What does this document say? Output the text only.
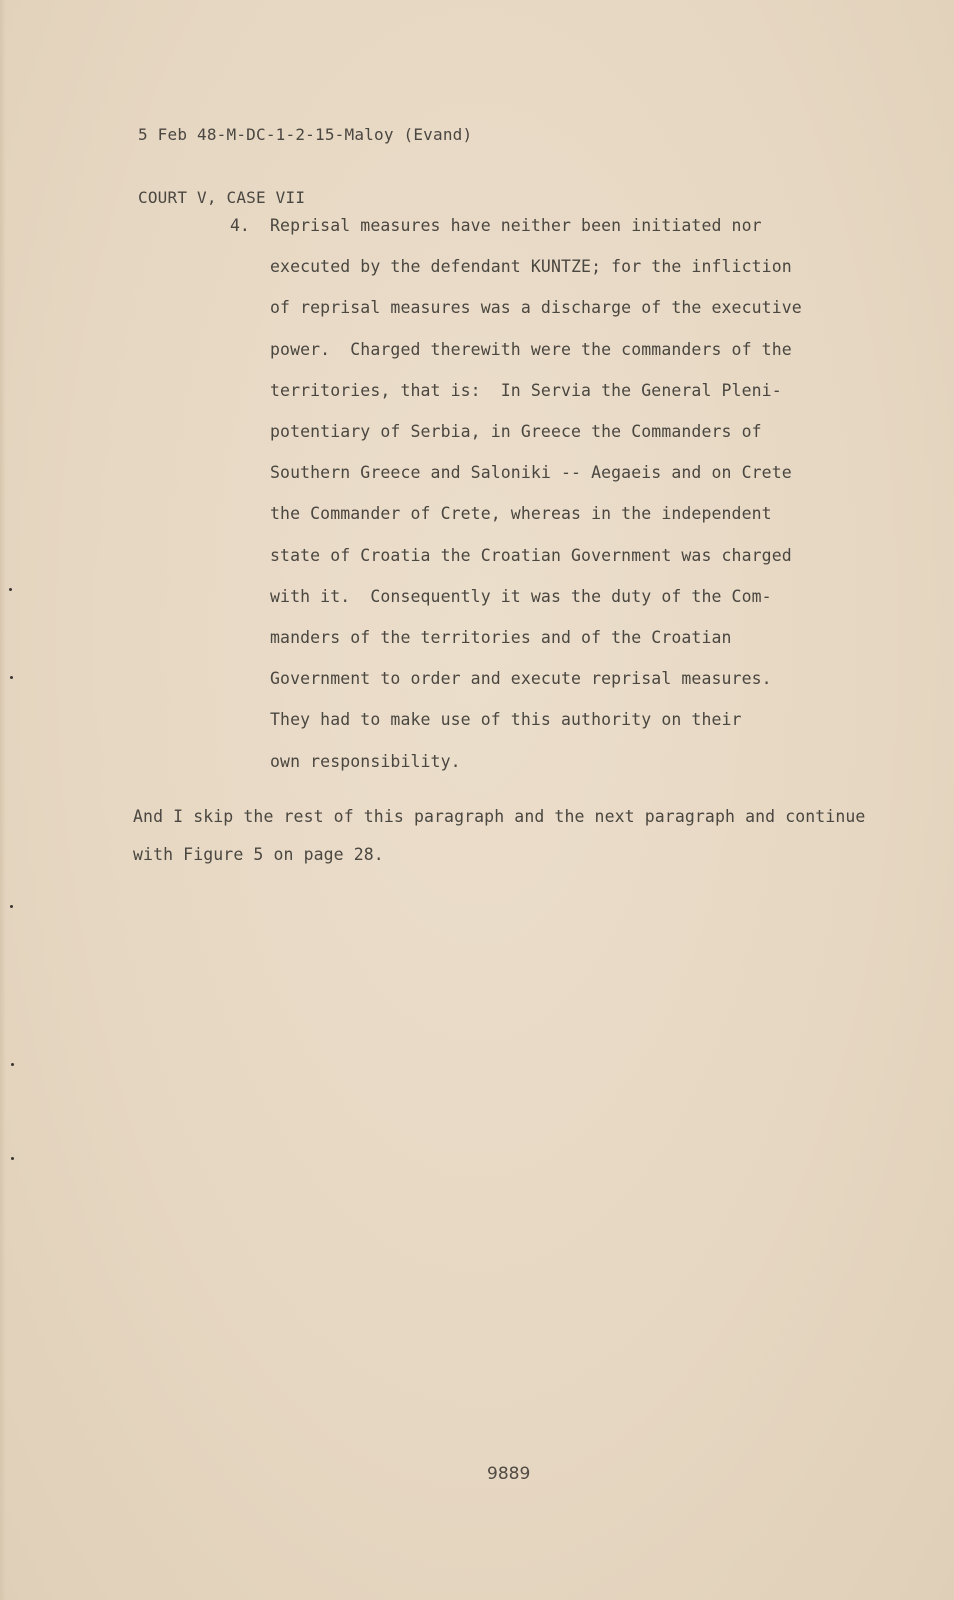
5 Feb 48-M-DC-1-2-15-Maloy (Evand)

COURT V, CASE VII

4. Reprisal measures have neither been initiated nor
executed by the defendant KUNTZE; for the infliction
of reprisal measures was a discharge of the executive
power.  Charged therewith were the commanders of the
territories, that is:  In Servia the General Pleni-
potentiary of Serbia, in Greece the Commanders of
Southern Greece and Saloniki -- Aegaeis and on Crete
the Commander of Crete, whereas in the independent
state of Croatia the Croatian Government was charged
with it.  Consequently it was the duty of the Com-
manders of the territories and of the Croatian
Government to order and execute reprisal measures.
They had to make use of this authority on their
own responsibility.
And I skip the rest of this paragraph and the next paragraph and continue
with Figure 5 on page 28.
9889
